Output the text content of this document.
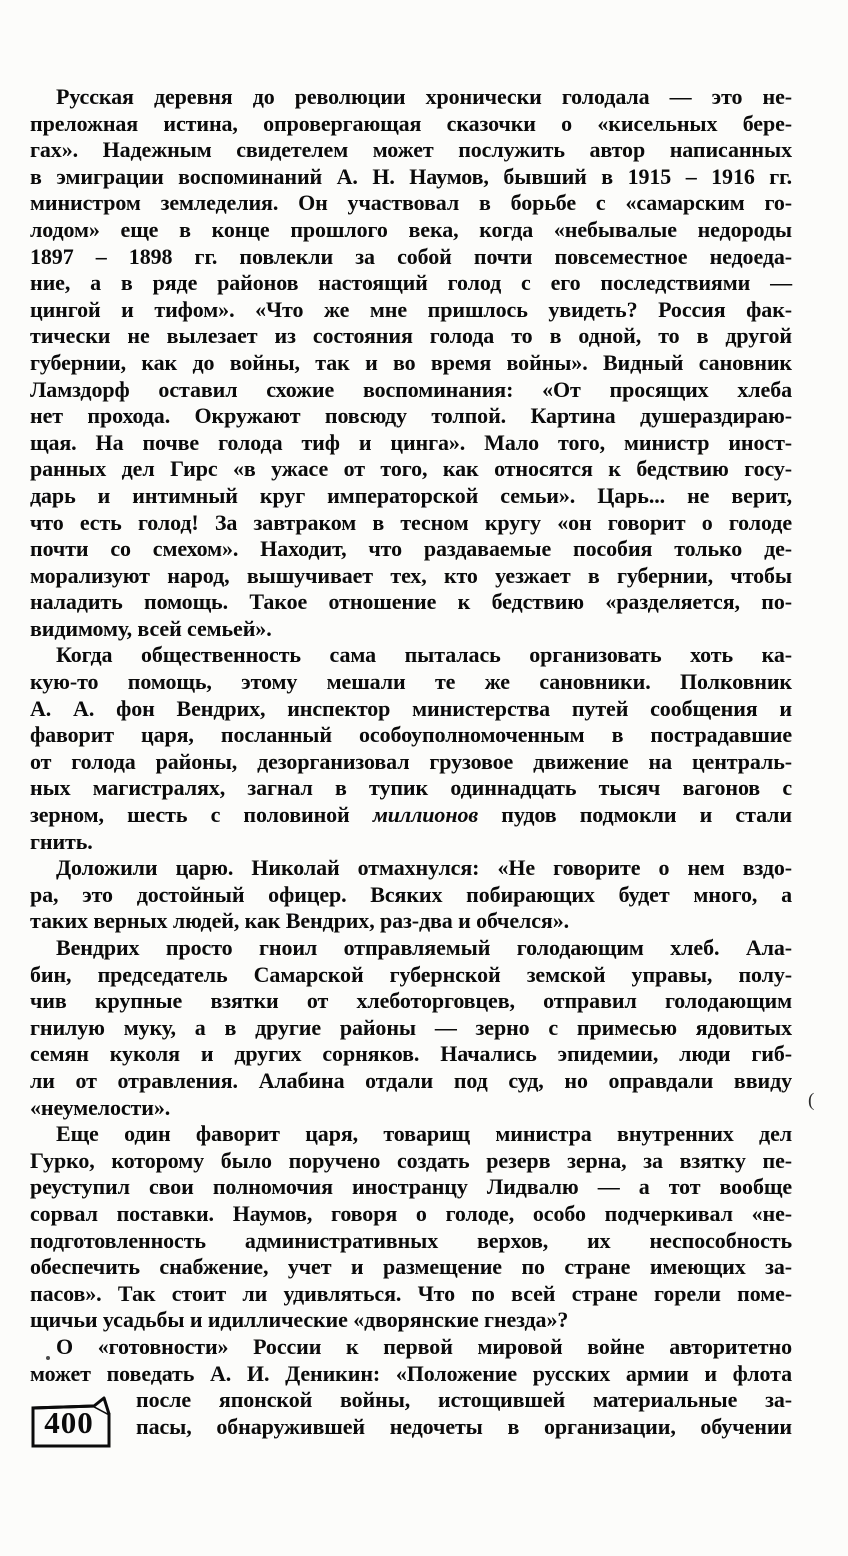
Русская деревня до революции хронически голодала — это не-
преложная истина, опровергающая сказочки о «кисельных бере-
гах». Надежным свидетелем может послужить автор написанных
в эмиграции воспоминаний А. Н. Наумов, бывший в 1915 – 1916 гг.
министром земледелия. Он участвовал в борьбе с «самарским го-
лодом» еще в конце прошлого века, когда «небывалые недороды
1897 – 1898 гг. повлекли за собой почти повсеместное недоеда-
ние, а в ряде районов настоящий голод с его последствиями —
цингой и тифом». «Что же мне пришлось увидеть? Россия фак-
тически не вылезает из состояния голода то в одной, то в другой
губернии, как до войны, так и во время войны». Видный сановник
Ламздорф оставил схожие воспоминания: «От просящих хлеба
нет прохода. Окружают повсюду толпой. Картина душераздираю-
щая. На почве голода тиф и цинга». Мало того, министр иност-
ранных дел Гирс «в ужасе от того, как относятся к бедствию госу-
дарь и интимный круг императорской семьи». Царь... не верит,
что есть голод! За завтраком в тесном кругу «он говорит о голоде
почти со смехом». Находит, что раздаваемые пособия только де-
морализуют народ, вышучивает тех, кто уезжает в губернии, чтобы
наладить помощь. Такое отношение к бедствию «разделяется, по-
видимому, всей семьей».
Когда общественность сама пыталась организовать хоть ка-
кую-то помощь, этому мешали те же сановники. Полковник
А. А. фон Вендрих, инспектор министерства путей сообщения и
фаворит царя, посланный особоуполномоченным в пострадавшие
от голода районы, дезорганизовал грузовое движение на централь-
ных магистралях, загнал в тупик одиннадцать тысяч вагонов с
зерном, шесть с половиной миллионов пудов подмокли и стали
гнить.
Доложили царю. Николай отмахнулся: «Не говорите о нем вздо-
ра, это достойный офицер. Всяких побирающих будет много, а
таких верных людей, как Вендрих, раз-два и обчелся».
Вендрих просто гноил отправляемый голодающим хлеб. Ала-
бин, председатель Самарской губернской земской управы, полу-
чив крупные взятки от хлеботорговцев, отправил голодающим
гнилую муку, а в другие районы — зерно с примесью ядовитых
семян куколя и других сорняков. Начались эпидемии, люди гиб-
ли от отравления. Алабина отдали под суд, но оправдали ввиду
«неумелости».
Еще один фаворит царя, товарищ министра внутренних дел
Гурко, которому было поручено создать резерв зерна, за взятку пе-
реуступил свои полномочия иностранцу Лидвалю — а тот вообще
сорвал поставки. Наумов, говоря о голоде, особо подчеркивал «не-
подготовленность административных верхов, их неспособность
обеспечить снабжение, учет и размещение по стране имеющих за-
пасов». Так стоит ли удивляться. Что по всей стране горели поме-
щичьи усадьбы и идиллические «дворянские гнезда»?
О «готовности» России к первой мировой войне авторитетно
может поведать А. И. Деникин: «Положение русских армии и флота
после японской войны, истощившей материальные за-
пасы, обнаружившей недочеты в организации, обучении
400
(
